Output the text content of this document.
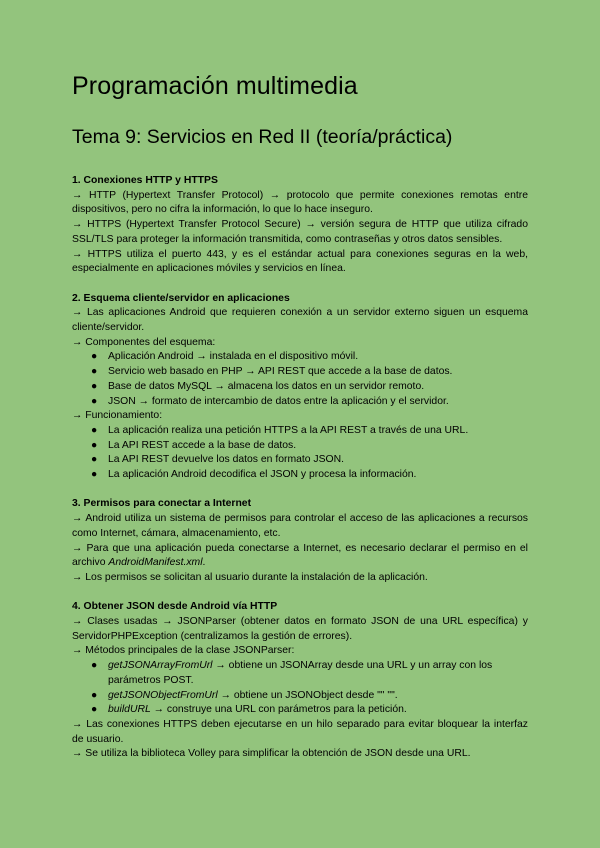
Programación multimedia
Tema 9: Servicios en Red II (teoría/práctica)
1. Conexiones HTTP y HTTPS

→ HTTP (Hypertext Transfer Protocol) → protocolo que permite conexiones remotas entre dispositivos, pero no cifra la información, lo que lo hace inseguro.

→ HTTPS (Hypertext Transfer Protocol Secure) → versión segura de HTTP que utiliza cifrado SSL/TLS para proteger la información transmitida, como contraseñas y otros datos sensibles.

→ HTTPS utiliza el puerto 443, y es el estándar actual para conexiones seguras en la web, especialmente en aplicaciones móviles y servicios en línea.

2. Esquema cliente/servidor en aplicaciones

→ Las aplicaciones Android que requieren conexión a un servidor externo siguen un esquema cliente/servidor.

→ Componentes del esquema:

● Aplicación Android → instalada en el dispositivo móvil.
● Servicio web basado en PHP → API REST que accede a la base de datos.
● Base de datos MySQL → almacena los datos en un servidor remoto.
● JSON → formato de intercambio de datos entre la aplicación y el servidor.

→ Funcionamiento:

● La aplicación realiza una petición HTTPS a la API REST a través de una URL.
● La API REST accede a la base de datos.
● La API REST devuelve los datos en formato JSON.
● La aplicación Android decodifica el JSON y procesa la información.
3. Permisos para conectar a Internet

→ Android utiliza un sistema de permisos para controlar el acceso de las aplicaciones a recursos como Internet, cámara, almacenamiento, etc.

→ Para que una aplicación pueda conectarse a Internet, es necesario declarar el permiso en el archivo AndroidManifest.xml.

→ Los permisos se solicitan al usuario durante la instalación de la aplicación.

4. Obtener JSON desde Android vía HTTP

→ Clases usadas → JSONParser (obtener datos en formato JSON de una URL específica) y ServidorPHPException (centralizamos la gestión de errores).

→ Métodos principales de la clase JSONParser:

● getJSONArrayFromUrl → obtiene un JSONArray desde una URL y un array con los parámetros POST.
● getJSONObjectFromUrl → obtiene un JSONObject desde "" "".
● buildURL → construye una URL con parámetros para la petición.

→ Las conexiones HTTPS deben ejecutarse en un hilo separado para evitar bloquear la interfaz de usuario.

→ Se utiliza la biblioteca Volley para simplificar la obtención de JSON desde una URL.
